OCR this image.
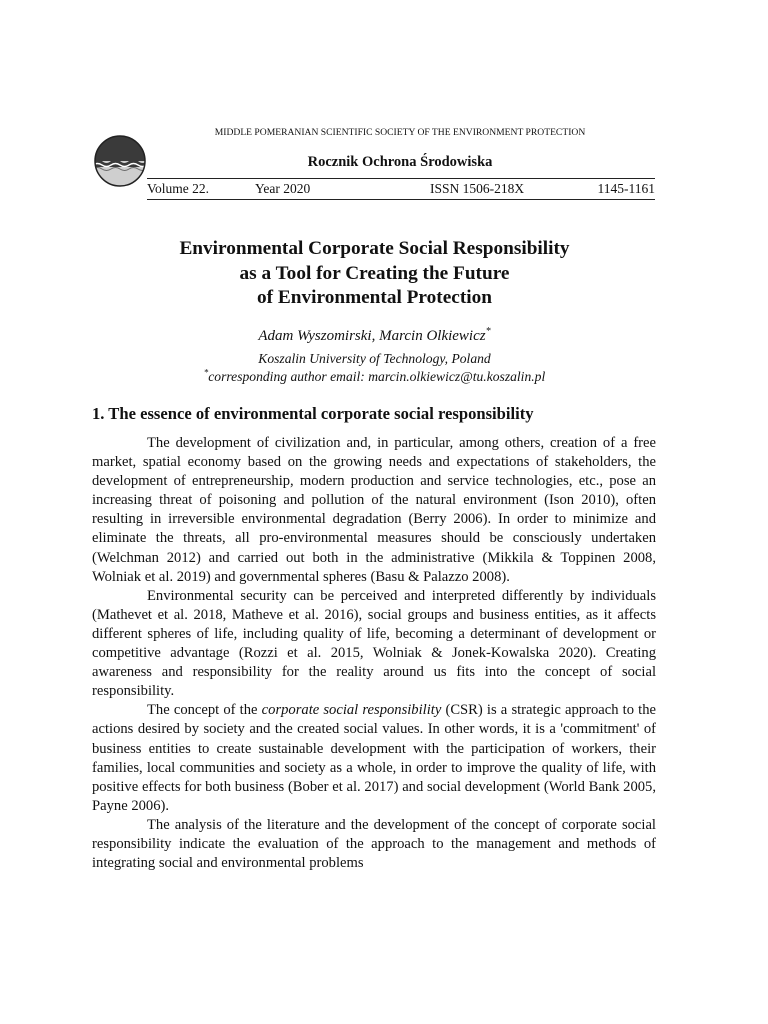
MIDDLE POMERANIAN SCIENTIFIC SOCIETY OF THE ENVIRONMENT PROTECTION
Rocznik Ochrona Środowiska
Volume 22.	Year 2020	ISSN 1506-218X	1145-1161
Environmental Corporate Social Responsibility
as a Tool for Creating the Future
of Environmental Protection
Adam Wyszomirski, Marcin Olkiewicz*
Koszalin University of Technology, Poland
*corresponding author email: marcin.olkiewicz@tu.koszalin.pl
1. The essence of environmental corporate social responsibility

The development of civilization and, in particular, among others, creation of a free market, spatial economy based on the growing needs and expectations of stakeholders, the development of entrepreneurship, modern production and service technologies, etc., pose an increasing threat of poisoning and pollution of the natural environment (Ison 2010), often resulting in irreversible environmental degradation (Berry 2006). In order to minimize and eliminate the threats, all pro-environmental measures should be consciously undertaken (Welchman 2012) and carried out both in the administrative (Mikkila & Toppinen 2008, Wolniak et al. 2019) and governmental spheres (Basu & Palazzo 2008).

Environmental security can be perceived and interpreted differently by individuals (Mathevet et al. 2018, Matheve et al. 2016), social groups and business entities, as it affects different spheres of life, including quality of life, becoming a determinant of development or competitive advantage (Rozzi et al. 2015, Wolniak & Jonek-Kowalska 2020). Creating awareness and responsibility for the reality around us fits into the concept of social responsibility.

The concept of the corporate social responsibility (CSR) is a strategic approach to the actions desired by society and the created social values. In other words, it is a 'commitment' of business entities to create sustainable development with the participation of workers, their families, local communities and society as a whole, in order to improve the quality of life, with positive effects for both business (Bober et al. 2017) and social development (World Bank 2005, Payne 2006).

The analysis of the literature and the development of the concept of corporate social responsibility indicate the evaluation of the approach to the management and methods of integrating social and environmental problems
